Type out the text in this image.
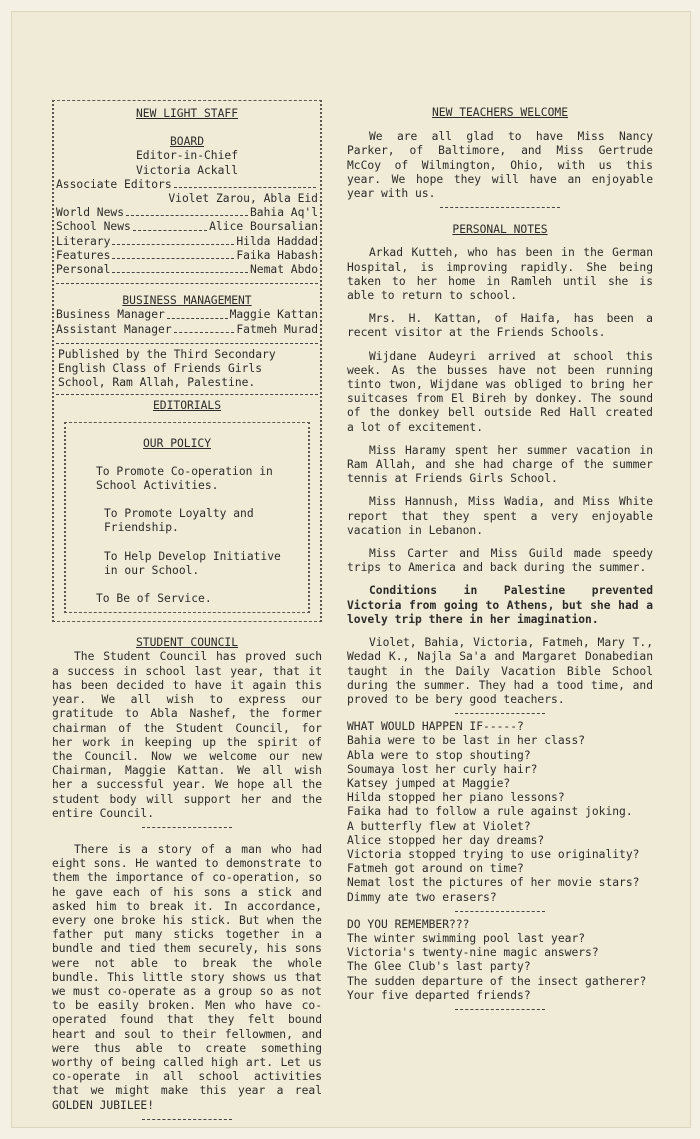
NEW LIGHT STAFF
BOARD
Editor-in-Chief
Victoria Ackall
Associate Editors
Violet Zarou, Abla Eid
World News	Bahia Aq'l
School News	Alice Boursalian
Literary	Hilda Haddad
Features	Faika Habash
Personal	Nemat Abdo
BUSINESS MANAGEMENT
Business Manager	Maggie Kattan
Assistant Manager	Fatmeh Murad

Published by the Third Secondary English Class of Friends Girls School, Ram Allah, Palestine.

EDITORIALS
OUR POLICY

To Promote Co-operation in School Activities.

To Promote Loyalty and Friendship.

To Help Develop Initiative in our School.

To Be of Service.

STUDENT COUNCIL

The Student Council has proved such a success in school last year, that it has been decided to have it again this year. We all wish to express our gratitude to Abla Nashef, the former chairman of the Student Council, for her work in keeping up the spirit of the Council. Now we welcome our new Chairman, Maggie Kattan. We all wish her a successful year. We hope all the student body will support her and the entire Council.

There is a story of a man who had eight sons. He wanted to demonstrate to them the importance of co-operation, so he gave each of his sons a stick and asked him to break it. In accordance, every one broke his stick. But when the father put many sticks together in a bundle and tied them securely, his sons were not able to break the whole bundle. This little story shows us that we must co-operate as a group so as not to be easily broken. Men who have co-operated found that they felt bound heart and soul to their fellowmen, and were thus able to create something worthy of being called high art. Let us co-operate in all school activities that we might make this year a real GOLDEN JUBILEE!

NEW TEACHERS WELCOME

We are all glad to have Miss Nancy Parker, of Baltimore, and Miss Gertrude McCoy of Wilmington, Ohio, with us this year. We hope they will have an enjoyable year with us.

PERSONAL NOTES

Arkad Kutteh, who has been in the German Hospital, is improving rapidly. She being taken to her home in Ramleh until she is able to return to school.

Mrs. H. Kattan, of Haifa, has been a recent visitor at the Friends Schools.

Wijdane Audeyri arrived at school this week. As the busses have not been running tinto twon, Wijdane was obliged to bring her suitcases from El Bireh by donkey. The sound of the donkey bell outside Red Hall created a lot of excitement.

Miss Haramy spent her summer vacation in Ram Allah, and she had charge of the summer tennis at Friends Girls School.

Miss Hannush, Miss Wadia, and Miss White report that they spent a very enjoyable vacation in Lebanon.

Miss Carter and Miss Guild made speedy trips to America and back during the summer.

Conditions in Palestine prevented Victoria from going to Athens, but she had a lovely trip there in her imagination.

Violet, Bahia, Victoria, Fatmeh, Mary T., Wedad K., Najla Sa'a and Margaret Donabedian taught in the Daily Vacation Bible School during the summer. They had a tood time, and proved to be bery good teachers.

WHAT WOULD HAPPEN IF-----?
Bahia were to be last in her class?
Abla were to stop shouting?
Soumaya lost her curly hair?
Katsey jumped at Maggie?
Hilda stopped her piano lessons?
Faika had to follow a rule against joking.
A butterfly flew at Violet?
Alice stopped her day dreams?
Victoria stopped trying to use originality?
Fatmeh got around on time?
Nemat lost the pictures of her movie stars?
Dimmy ate two erasers?
DO YOU REMEMBER???
The winter swimming pool last year?
Victoria's twenty-nine magic answers?
The Glee Club's last party?
The sudden departure of the insect gatherer?
Your five departed friends?
